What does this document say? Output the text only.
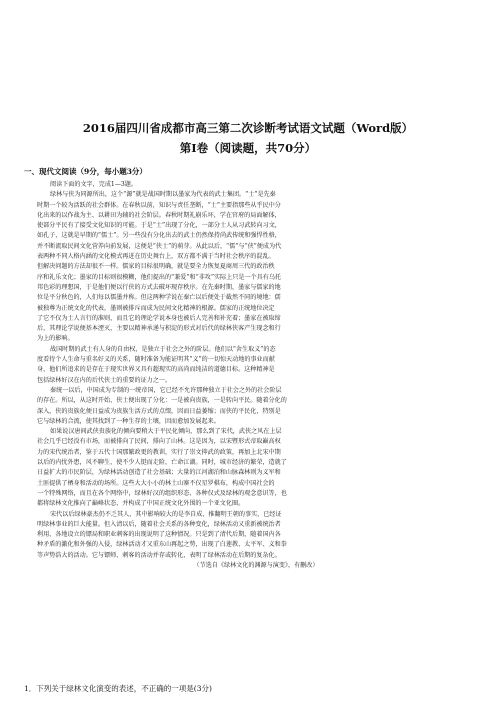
2016届四川省成都市高三第二次诊断考试语文试题（Word版）
第Ⅰ卷（阅读题，共70分）
一、现代文阅读（9分，每小题3分）
阅读下面的文字，完成1—3题。
绿林与侠为同源所出，这个“源”就是战国时期以墨家为代表的武士集团。“士”是先秦
时期一个较为活跃的社会群体。在春秋以前，知识与责任垄断，“士”主要指那些从乎民中分
化出来的以作战为主、以耕田为辅的社会阶层。春秋时期礼崩乐坏，学在官府的局面解体，
使部分平民有了接受文化知识的可能。于是“士”出现了分化，一部分士人从习武转向习文，
如孔子，这就是早期的“儒士”。另一些没有分化出去的武士仍然保持尚武传统和强悍性格，
并不断流取民间文化营养向前发展，这便是“侠士”的萌芽。从此以后，“儒”与“侠”便成为代
表两种不同人格内涵的文化模式再迸在历史舞台上，双方都不满于当时社会秩序的混乱。
但解决问题的方法却很不一样。儒家的目标很明确，就是要全力恢复夏商周三代的政治秩
序和礼乐文化；墨家的目标则很模糊，他们提出的“兼爱”和“非攻”实际上只是一个具有乌托
邦色彩的理想国，于是他们便以行侠的方式去破坏现存秩序。在先秦时期，墨家与儒家的地
位是平分秋色的，人们每以儒墨并称。但这两种学说在秦亡以后便处于截然不同的境地：儒
被独尊为正统文化的代表，墨则被排斥而成为民间文化精神的根源。儒家的正统地位决定
了它不仅为士人言行的准则，而且它的理论学说本身也被后人完善和补充着；墨家在被取缔
后，其理论学说便基本湮灭，主要以精神承递与积淀的形式对后代的绿林侠客产生现念和行
为上的影响。
战国时期的武士有人身的自由权，是独立于社会之外的阶层。他们以“舍生取义”的态
度看待个人生命与重名好义的关系，随时准备为能证明其“义”的一切惊天动地的事业而献
身，他们所追求的是存在于现实世界又具有超现实的高尚而纯洁的道德目标。这种精神是
包括绿林好汉在内的后代侠士的重要的证力之一。
秦统一以后，中国成为专制的一统帝国，它已经不允许那种独立于社会之外的社会阶层
的存在。所以，从这时开始，侠士便出现了分化：一是被向贵族，一是转向平民。随着分化的
深入，侠的贵族化便日益成为贵族生活方式的点缀，因而日益萎缩；而侠的平民化，特别是
它与绿林的合流，使其找到了一种生存的土壤，因而愈加发展起来。
如果说汉唐间武侠贵族化的倾向要稍大于平民化倾向，那么到了宋代，武侠之风在上层
社会几乎已经没有市场，而被排向了民间，排向了山林。这是因为，以宋暨形式帝取巅高权
力的宋代统治者，鉴于五代十国那繁政更的教训，实行了崇文抑武的政策，再加上北宋中期
以后的内忧外患，风不聊生，使不少人铤而走险，亡命江湖。同时，城市经济的繁荣，造就了
日益扩大的市民阶层，为绿林活动创造了社会基础；大量的江河湖泊和山脉森林则为义军和
土匪提供了栖身和活动的场所。这些大大小小的林土山寨不仅星罗棋布，构成中国社会的
一个特殊网络，而且在各个网络中，绿林好汉的组织形态、各种仅式及绿林的观念意识等，也
都将绿林文化推向了巅峰状态，并构成了中国正统文化外围的一个亚文化圈。
宋代以后绿林豪杰仍不乏其人，其中影响较大的是李自成、推翻明王朝的事实，已经证
明绿林事业的巨大能量。但入清以后，随着社会关系的各种变化，绿林活动又重新被统治者
利用，各地设立的镖局和职业刺客的出现说明了这种情况。只是到了清代后期，随着国内各
种矛盾的激化和外强的入侵，绿林活动才又重东山再起之势，出现了白莲教、太平军、义和拳
等声势浩大的活动。它与镖师、刺客的活动并存或转化，表明了绿林活动在后期的复杂化。
（节选自《绿林文化的渊源与演变》，有删改）
1．下列关于绿林文化演变的表述，不正确的一项是(3分)
